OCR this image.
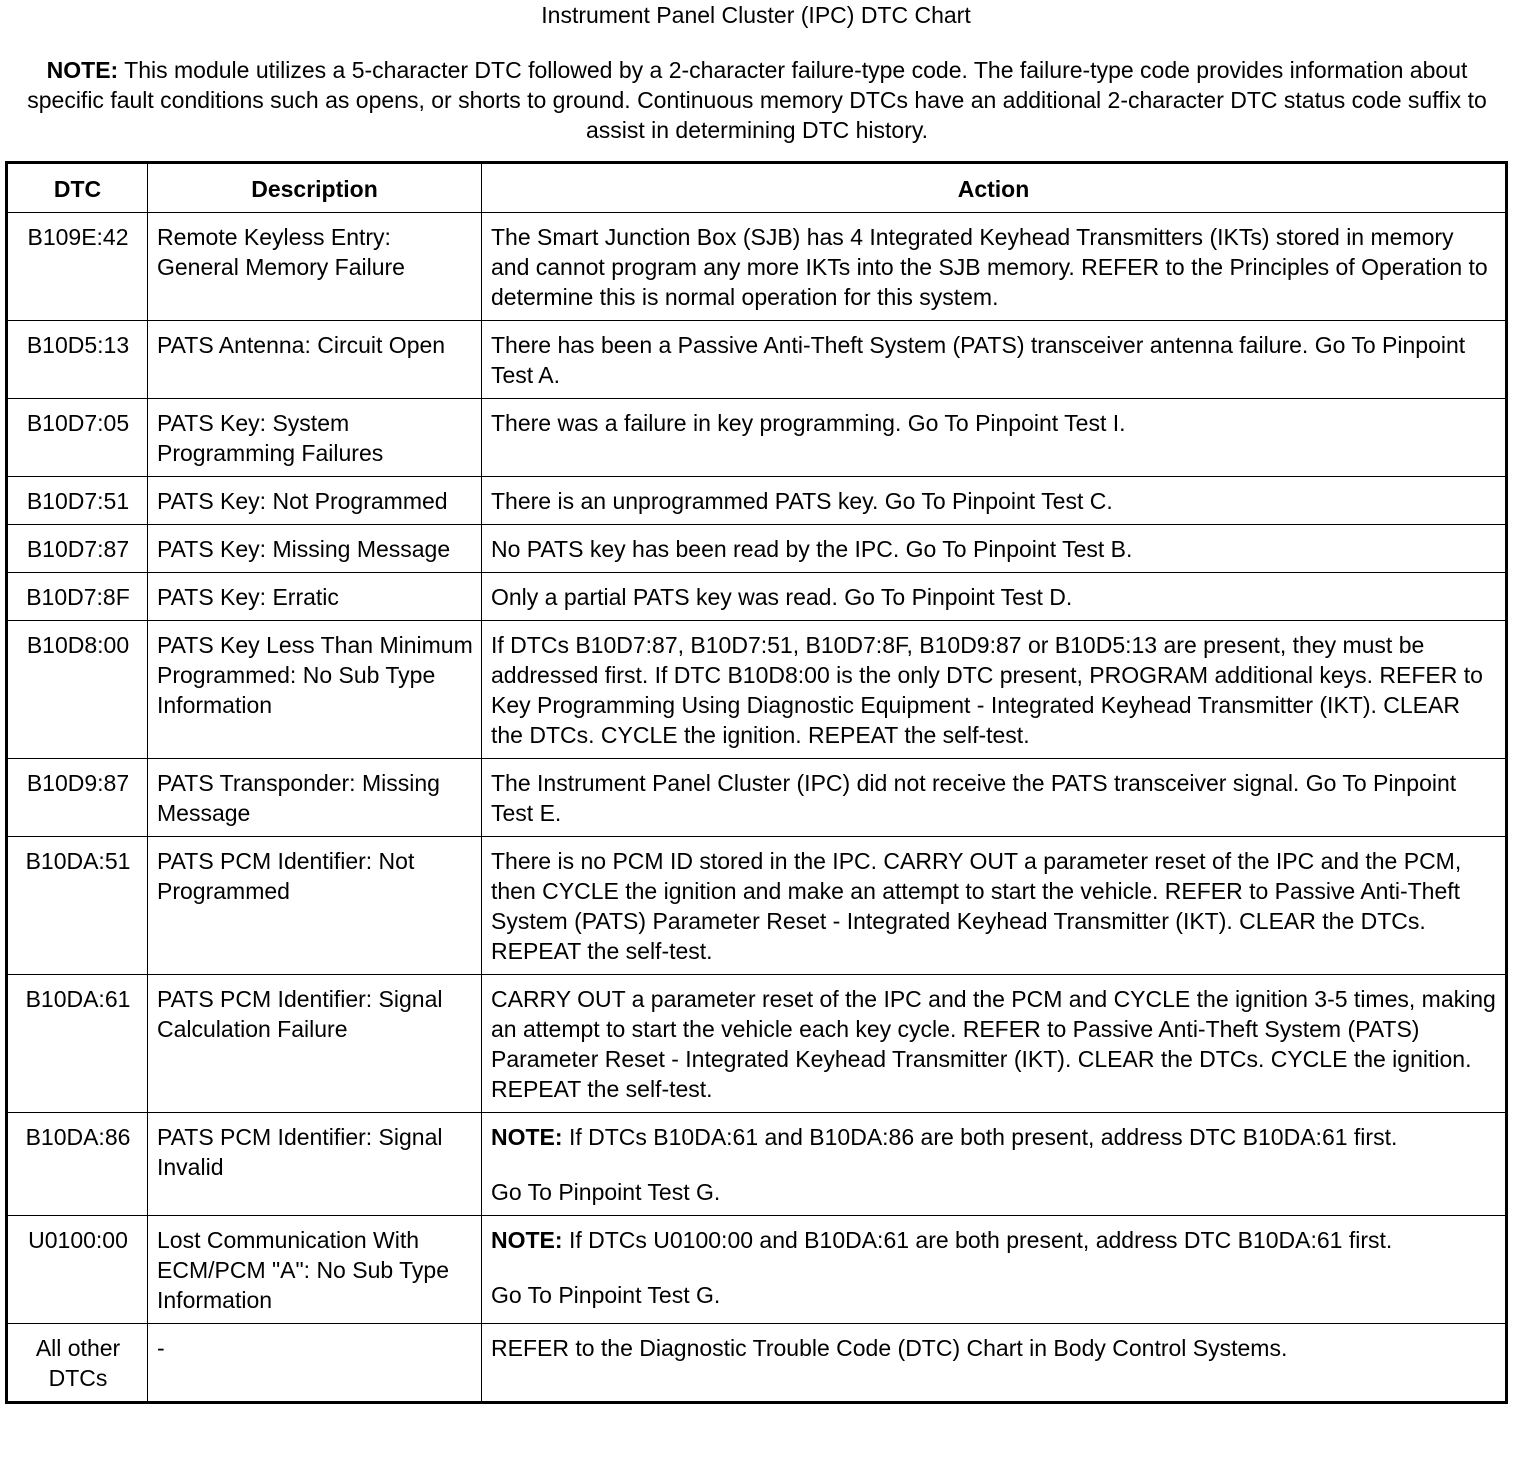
Instrument Panel Cluster (IPC) DTC Chart
NOTE: This module utilizes a 5-character DTC followed by a 2-character failure-type code. The failure-type code provides information about specific fault conditions such as opens, or shorts to ground. Continuous memory DTCs have an additional 2-character DTC status code suffix to assist in determining DTC history.
DTC	Description	Action
B109E:42	Remote Keyless Entry: General Memory Failure	The Smart Junction Box (SJB) has 4 Integrated Keyhead Transmitters (IKTs) stored in memory and cannot program any more IKTs into the SJB memory. REFER to the Principles of Operation to determine this is normal operation for this system.
B10D5:13	PATS Antenna: Circuit Open	There has been a Passive Anti-Theft System (PATS) transceiver antenna failure. Go To Pinpoint Test A.
B10D7:05	PATS Key: System Programming Failures	There was a failure in key programming. Go To Pinpoint Test I.
B10D7:51	PATS Key: Not Programmed	There is an unprogrammed PATS key. Go To Pinpoint Test C.
B10D7:87	PATS Key: Missing Message	No PATS key has been read by the IPC. Go To Pinpoint Test B.
B10D7:8F	PATS Key: Erratic	Only a partial PATS key was read. Go To Pinpoint Test D.
B10D8:00	PATS Key Less Than Minimum Programmed: No Sub Type Information	If DTCs B10D7:87, B10D7:51, B10D7:8F, B10D9:87 or B10D5:13 are present, they must be addressed first. If DTC B10D8:00 is the only DTC present, PROGRAM additional keys. REFER to Key Programming Using Diagnostic Equipment - Integrated Keyhead Transmitter (IKT). CLEAR the DTCs. CYCLE the ignition. REPEAT the self-test.
B10D9:87	PATS Transponder: Missing Message	The Instrument Panel Cluster (IPC) did not receive the PATS transceiver signal. Go To Pinpoint Test E.
B10DA:51	PATS PCM Identifier: Not Programmed	There is no PCM ID stored in the IPC. CARRY OUT a parameter reset of the IPC and the PCM, then CYCLE the ignition and make an attempt to start the vehicle. REFER to Passive Anti-Theft System (PATS) Parameter Reset - Integrated Keyhead Transmitter (IKT). CLEAR the DTCs. REPEAT the self-test.
B10DA:61	PATS PCM Identifier: Signal Calculation Failure	CARRY OUT a parameter reset of the IPC and the PCM and CYCLE the ignition 3-5 times, making an attempt to start the vehicle each key cycle. REFER to Passive Anti-Theft System (PATS) Parameter Reset - Integrated Keyhead Transmitter (IKT). CLEAR the DTCs. CYCLE the ignition. REPEAT the self-test.
B10DA:86	PATS PCM Identifier: Signal Invalid	NOTE: If DTCs B10DA:61 and B10DA:86 are both present, address DTC B10DA:61 first.
Go To Pinpoint Test G.

U0100:00	Lost Communication With ECM/PCM "A": No Sub Type Information	NOTE: If DTCs U0100:00 and B10DA:61 are both present, address DTC B10DA:61 first.
Go To Pinpoint Test G.

All other DTCs	-	REFER to the Diagnostic Trouble Code (DTC) Chart in Body Control Systems.
